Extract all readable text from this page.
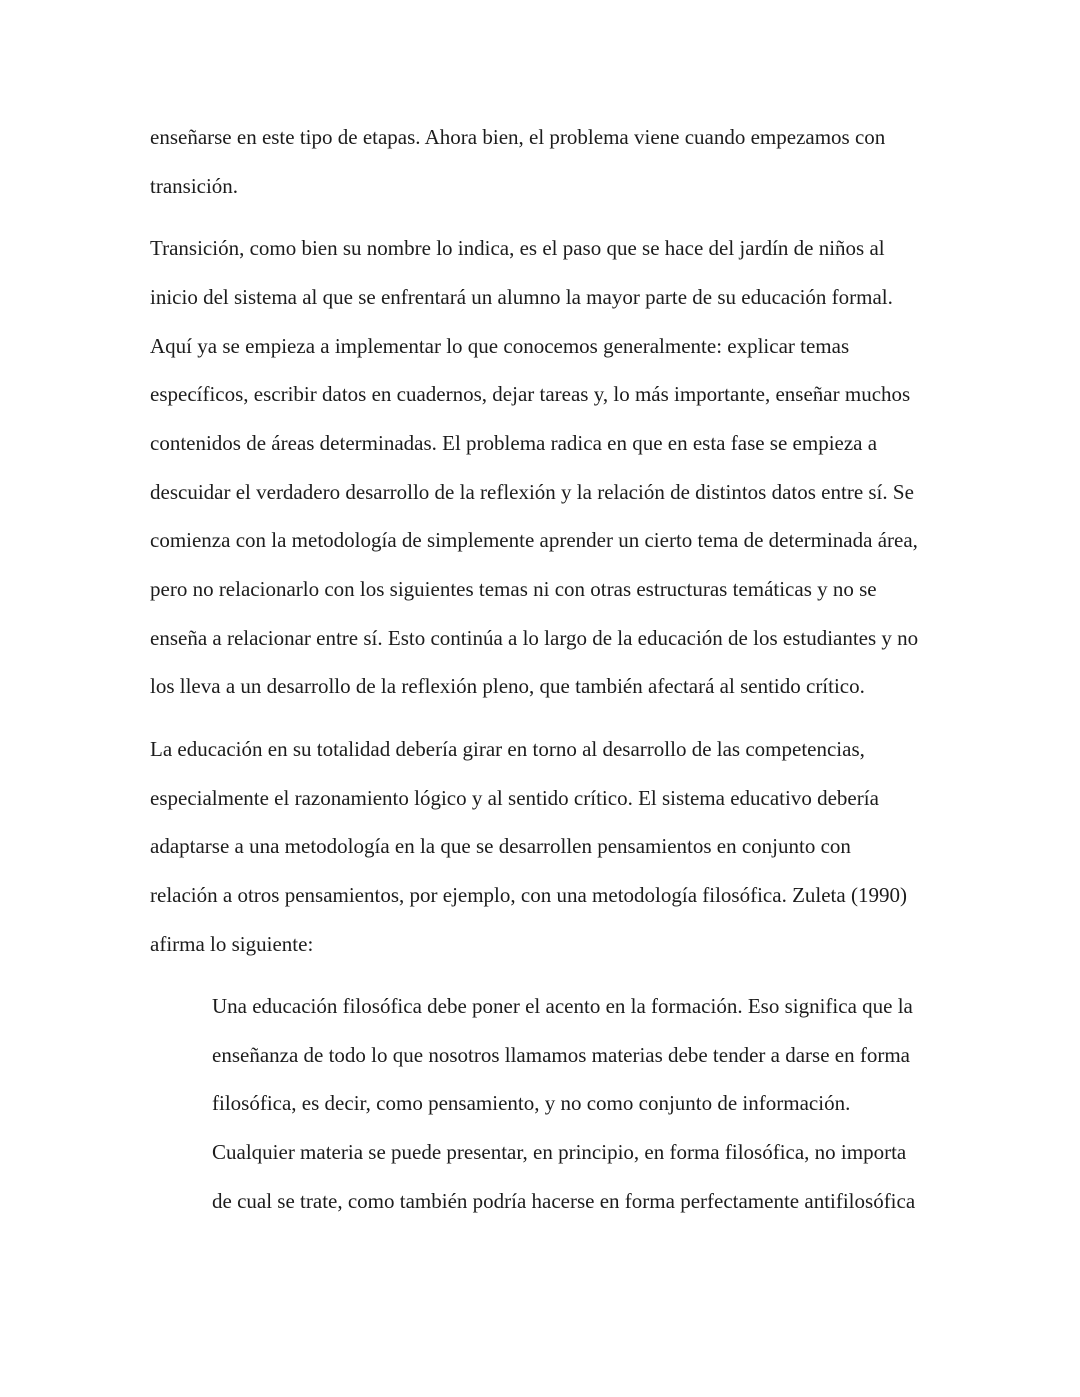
enseñarse en este tipo de etapas. Ahora bien, el problema viene cuando empezamos con
transición.
Transición, como bien su nombre lo indica, es el paso que se hace del jardín de niños al
inicio del sistema al que se enfrentará un alumno la mayor parte de su educación formal.
Aquí ya se empieza a implementar lo que conocemos generalmente: explicar temas
específicos, escribir datos en cuadernos, dejar tareas y, lo más importante, enseñar muchos
contenidos de áreas determinadas. El problema radica en que en esta fase se empieza a
descuidar el verdadero desarrollo de la reflexión y la relación de distintos datos entre sí. Se
comienza con la metodología de simplemente aprender un cierto tema de determinada área,
pero no relacionarlo con los siguientes temas ni con otras estructuras temáticas y no se
enseña a relacionar entre sí. Esto continúa a lo largo de la educación de los estudiantes y no
los lleva a un desarrollo de la reflexión pleno, que también afectará al sentido crítico.
La educación en su totalidad debería girar en torno al desarrollo de las competencias,
especialmente el razonamiento lógico y al sentido crítico. El sistema educativo debería
adaptarse a una metodología en la que se desarrollen pensamientos en conjunto con
relación a otros pensamientos, por ejemplo, con una metodología filosófica. Zuleta (1990)
afirma lo siguiente:
Una educación filosófica debe poner el acento en la formación. Eso significa que la
enseñanza de todo lo que nosotros llamamos materias debe tender a darse en forma
filosófica, es decir, como pensamiento, y no como conjunto de información.
Cualquier materia se puede presentar, en principio, en forma filosófica, no importa
de cual se trate, como también podría hacerse en forma perfectamente antifilosófica
